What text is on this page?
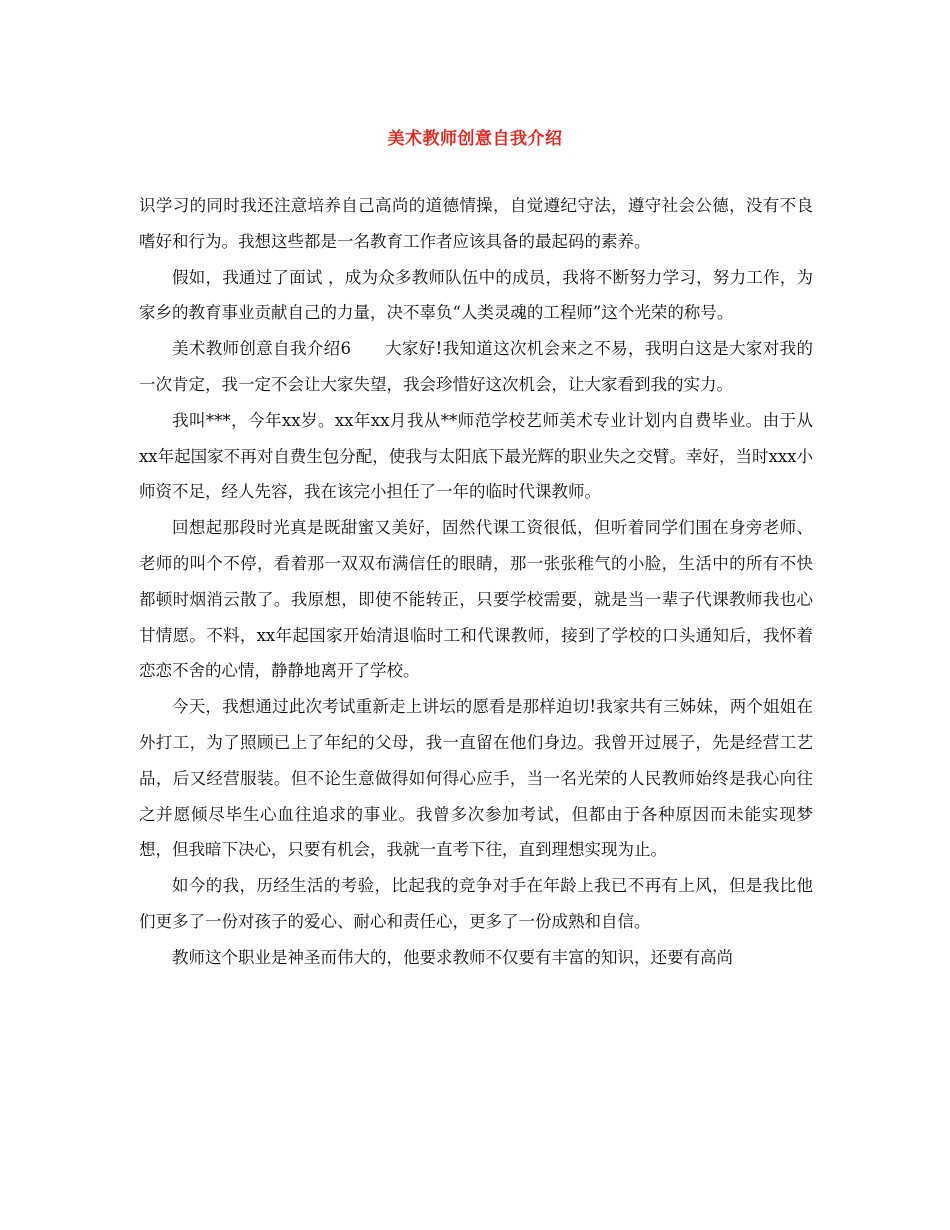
美术教师创意自我介绍

识学习的同时我还注意培养自己高尚的道德情操，自觉遵纪守法，遵守社会公德，没有不良嗜好和行为。我想这些都是一名教育工作者应该具备的最起码的素养。

假如，我通过了面试 ，成为众多教师队伍中的成员，我将不断努力学习，努力工作，为家乡的教育事业贡献自己的力量，决不辜负“人类灵魂的工程师”这个光荣的称号。

美术教师创意自我介绍6　　大家好!我知道这次机会来之不易，我明白这是大家对我的一次肯定，我一定不会让大家失望，我会珍惜好这次机会，让大家看到我的实力。

我叫***，今年xx岁。xx年xx月我从**师范学校艺师美术专业计划内自费毕业。由于从xx年起国家不再对自费生包分配，使我与太阳底下最光辉的职业失之交臂。幸好，当时xxx小师资不足，经人先容，我在该完小担任了一年的临时代课教师。

回想起那段时光真是既甜蜜又美好，固然代课工资很低，但听着同学们围在身旁老师、老师的叫个不停，看着那一双双布满信任的眼睛，那一张张稚气的小脸，生活中的所有不快都顿时烟消云散了。我原想，即使不能转正，只要学校需要，就是当一辈子代课教师我也心甘情愿。不料，xx年起国家开始清退临时工和代课教师，接到了学校的口头通知后，我怀着恋恋不舍的心情，静静地离开了学校。

今天，我想通过此次考试重新走上讲坛的愿看是那样迫切!我家共有三姊妹，两个姐姐在外打工，为了照顾已上了年纪的父母，我一直留在他们身边。我曾开过展子，先是经营工艺品，后又经营服装。但不论生意做得如何得心应手，当一名光荣的人民教师始终是我心向往之并愿倾尽毕生心血往追求的事业。我曾多次参加考试，但都由于各种原因而未能实现梦想，但我暗下决心，只要有机会，我就一直考下往，直到理想实现为止。

如今的我，历经生活的考验，比起我的竞争对手在年龄上我已不再有上风，但是我比他们更多了一份对孩子的爱心、耐心和责任心，更多了一份成熟和自信。

教师这个职业是神圣而伟大的，他要求教师不仅要有丰富的知识，还要有高尚
